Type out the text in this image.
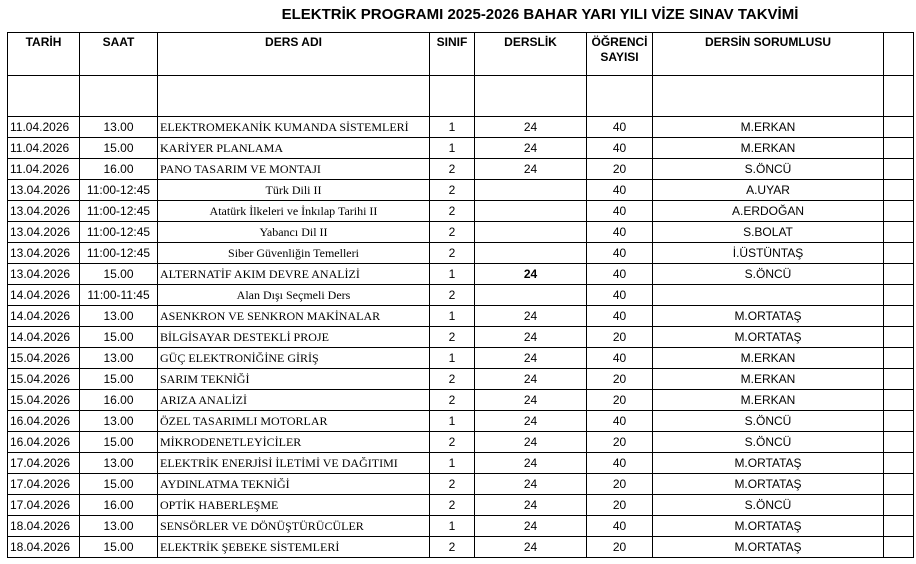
ELEKTRİK PROGRAMI 2025-2026 BAHAR YARI YILI VİZE SINAV TAKVİMİ
TARİH	SAAT	DERS ADI	SINIF	DERSLİK	ÖĞRENCİ SAYISI	DERSİN SORUMLUSU	

11.04.2026	13.00	ELEKTROMEKANİK KUMANDA SİSTEMLERİ	1	24	40	M.ERKAN	
11.04.2026	15.00	KARİYER PLANLAMA	1	24	40	M.ERKAN	
11.04.2026	16.00	PANO TASARIM VE MONTAJI	2	24	20	S.ÖNCÜ	
13.04.2026	11:00-12:45	Türk Dili II	2		40	A.UYAR	
13.04.2026	11:00-12:45	Atatürk İlkeleri ve İnkılap Tarihi II	2		40	A.ERDOĞAN	
13.04.2026	11:00-12:45	Yabancı Dil II	2		40	S.BOLAT	
13.04.2026	11:00-12:45	Siber Güvenliğin Temelleri	2		40	İ.ÜSTÜNTAŞ	
13.04.2026	15.00	ALTERNATİF AKIM DEVRE ANALİZİ	1	24	40	S.ÖNCÜ	
14.04.2026	11:00-11:45	Alan Dışı Seçmeli Ders	2		40		
14.04.2026	13.00	ASENKRON VE SENKRON MAKİNALAR	1	24	40	M.ORTATAŞ	
14.04.2026	15.00	BİLGİSAYAR DESTEKLİ PROJE	2	24	20	M.ORTATAŞ	
15.04.2026	13.00	GÜÇ ELEKTRONİĞİNE GİRİŞ	1	24	40	M.ERKAN	
15.04.2026	15.00	SARIM TEKNİĞİ	2	24	20	M.ERKAN	
15.04.2026	16.00	ARIZA ANALİZİ	2	24	20	M.ERKAN	
16.04.2026	13.00	ÖZEL TASARIMLI MOTORLAR	1	24	40	S.ÖNCÜ	
16.04.2026	15.00	MİKRODENETLEYİCİLER	2	24	20	S.ÖNCÜ	
17.04.2026	13.00	ELEKTRİK ENERJİSİ İLETİMİ VE DAĞITIMI	1	24	40	M.ORTATAŞ	
17.04.2026	15.00	AYDINLATMA TEKNİĞİ	2	24	20	M.ORTATAŞ	
17.04.2026	16.00	OPTİK HABERLEŞME	2	24	20	S.ÖNCÜ	
18.04.2026	13.00	SENSÖRLER VE DÖNÜŞTÜRÜCÜLER	1	24	40	M.ORTATAŞ	
18.04.2026	15.00	ELEKTRİK ŞEBEKE SİSTEMLERİ	2	24	20	M.ORTATAŞ	
